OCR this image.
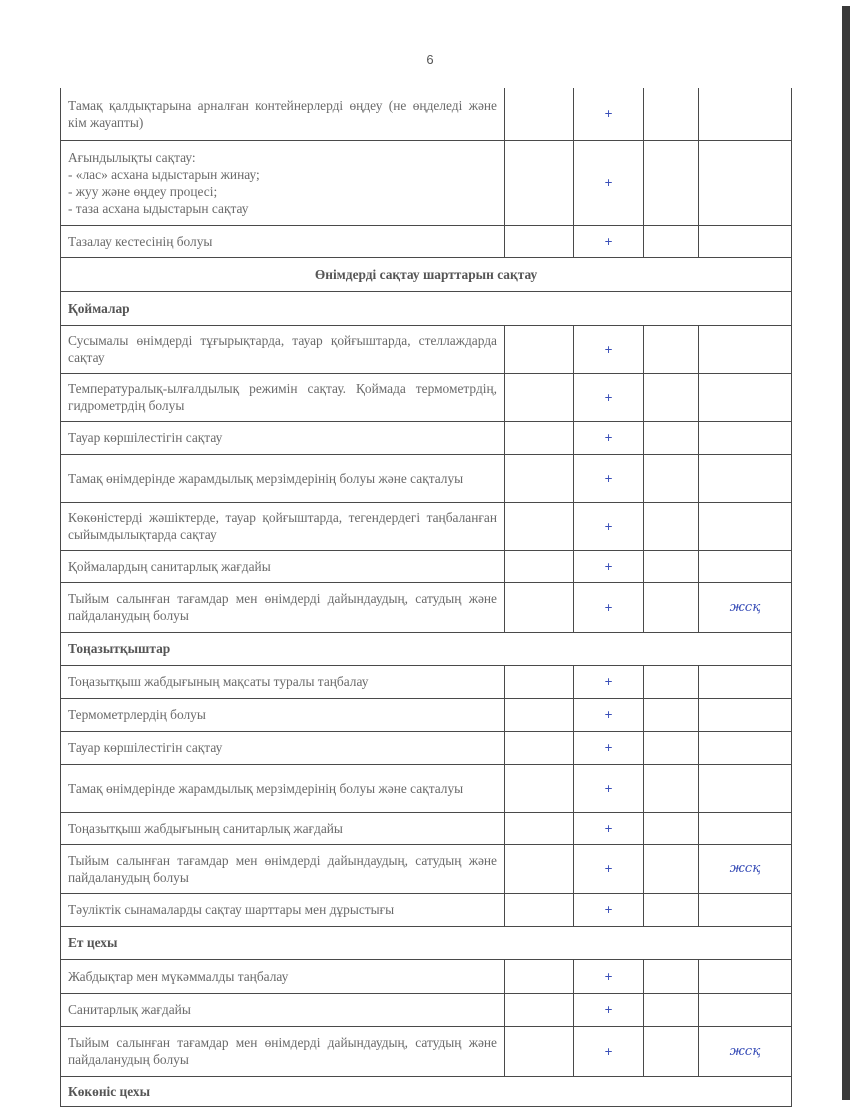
6
Тамақ қалдықтарына арналған контейнерлерді өңдеу (не өңделеді және кім жауапты)		+		

Ағындылықты сақтау:
- «лас» асхана ыдыстарын жинау;
- жуу және өңдеу процесі;
- таза асхана ыдыстарын сақтау		+		

Тазалау кестесінің болуы		+		
Өнімдерді сақтау шарттарын сақтау				
Қоймалар				

Сусымалы өнімдерді тұғырықтарда, тауар қойғыштарда, стеллаждарда сақтау		+		

Температуралық-ылғалдылық режимін сақтау. Қоймада термометрдің, гидрометрдің болуы		+		

Тауар көршілестігін сақтау		+		

Тамақ өнімдерінде жарамдылық мерзімдерінің болуы және сақталуы		+		

Көкөністерді жәшіктерде, тауар қойғыштарда, тегендердегі таңбаланған сыйымдылықтарда сақтау		+		

Қоймалардың санитарлық жағдайы		+		

Тыйым салынған тағамдар мен өнімдерді дайындаудың, сатудың және пайдаланудың болуы		+		жсқ
Тоңазытқыштар				

Тоңазытқыш жабдығының мақсаты туралы таңбалау		+		

Термометрлердің болуы		+		

Тауар көршілестігін сақтау		+		

Тамақ өнімдерінде жарамдылық мерзімдерінің болуы және сақталуы		+		

Тоңазытқыш жабдығының санитарлық жағдайы		+		

Тыйым салынған тағамдар мен өнімдерді дайындаудың, сатудың және пайдаланудың болуы		+		жсқ

Тәуліктік сынамаларды сақтау шарттары мен дұрыстығы		+		
Ет цехы				

Жабдықтар мен мүкәммалды таңбалау		+		

Санитарлық жағдайы		+		

Тыйым салынған тағамдар мен өнімдерді дайындаудың, сатудың және пайдаланудың болуы		+		жсқ
Көкөніс цехы				
